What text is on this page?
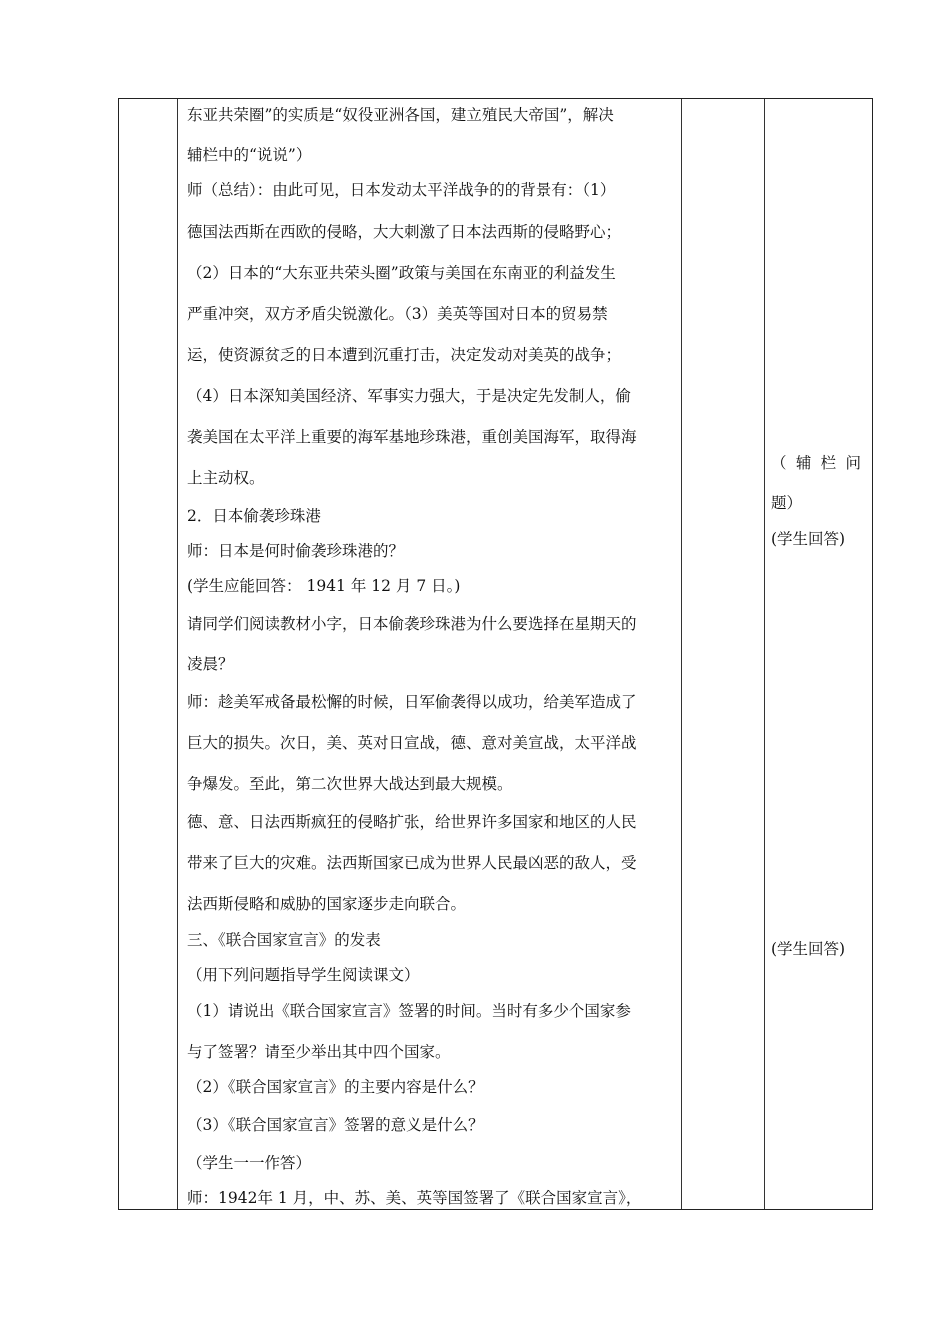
东亚共荣圈”的实质是“奴役亚洲各国，建立殖民大帝国”，解决
辅栏中的“说说”）
师（总结）：由此可见，日本发动太平洋战争的的背景有：（1）
德国法西斯在西欧的侵略，大大刺激了日本法西斯的侵略野心；
（2）日本的“大东亚共荣头圈”政策与美国在东南亚的利益发生
严重冲突，双方矛盾尖锐激化。（3）美英等国对日本的贸易禁
运，使资源贫乏的日本遭到沉重打击，决定发动对美英的战争；
（4）日本深知美国经济、军事实力强大，于是决定先发制人，偷
袭美国在太平洋上重要的海军基地珍珠港，重创美国海军，取得海
上主动权。
2．日本偷袭珍珠港
师：日本是何时偷袭珍珠港的？
(学生应能回答： 1941 年 12 月 7 日。)
请同学们阅读教材小字，日本偷袭珍珠港为什么要选择在星期天的
凌晨？
师：趁美军戒备最松懈的时候，日军偷袭得以成功，给美军造成了
巨大的损失。次日，美、英对日宣战，德、意对美宣战，太平洋战
争爆发。至此，第二次世界大战达到最大规模。
德、意、日法西斯疯狂的侵略扩张，给世界许多国家和地区的人民
带来了巨大的灾难。法西斯国家已成为世界人民最凶恶的敌人，受
法西斯侵略和威胁的国家逐步走向联合。
三、《联合国家宣言》的发表
（用下列问题指导学生阅读课文）
（1）请说出《联合国家宣言》签署的时间。当时有多少个国家参
与了签署？请至少举出其中四个国家。
（2）《联合国家宣言》的主要内容是什么？
（3）《联合国家宣言》签署的意义是什么？
（学生一一作答）
师：1942年 1 月，中、苏、美、英等国签署了《联合国家宣言》，
（ 辅 栏 问
题）
(学生回答)
(学生回答)
